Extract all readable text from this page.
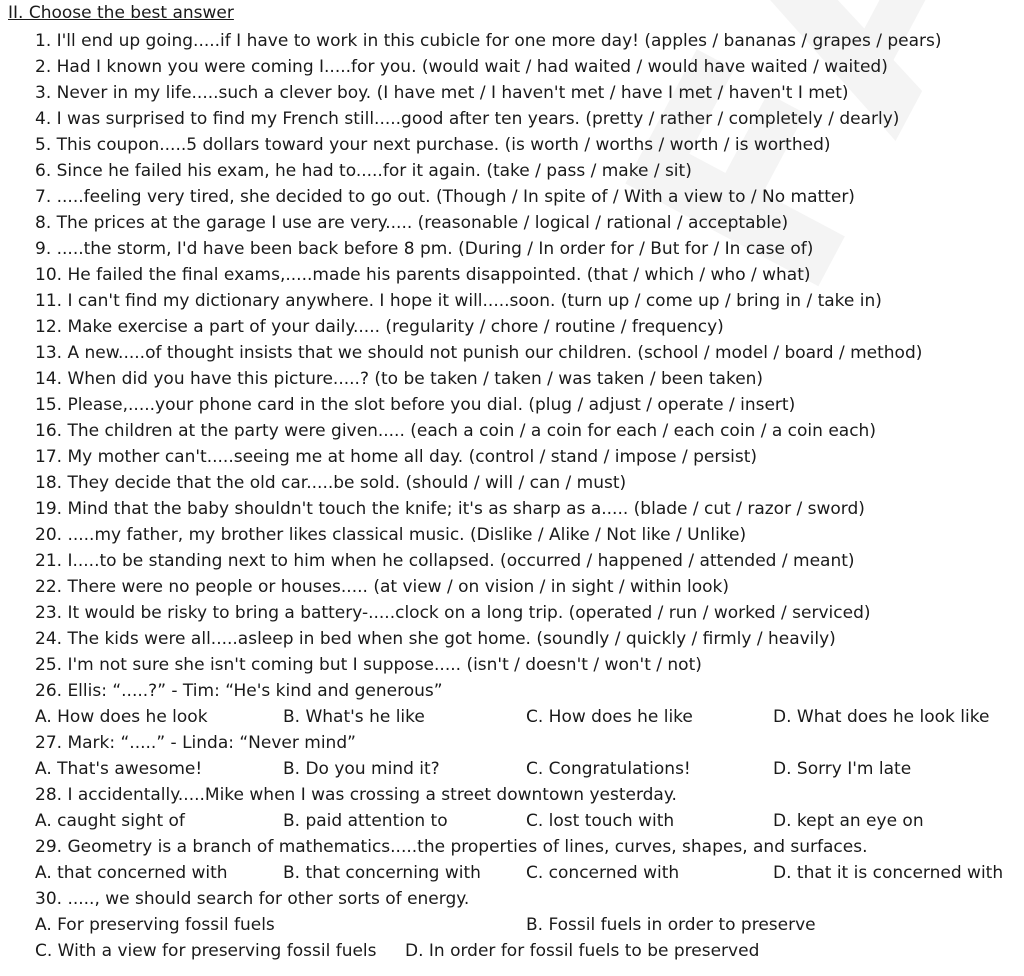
II. Choose the best answer
1. I'll end up going.....if I have to work in this cubicle for one more day! (apples / bananas / grapes / pears)
2. Had I known you were coming I.....for you. (would wait / had waited / would have waited / waited)
3. Never in my life.....such a clever boy. (I have met / I haven't met / have I met / haven't I met)
4. I was surprised to find my French still.....good after ten years. (pretty / rather / completely / dearly)
5. This coupon.....5 dollars toward your next purchase. (is worth / worths / worth / is worthed)
6. Since he failed his exam, he had to.....for it again. (take / pass / make / sit)
7. .....feeling very tired, she decided to go out. (Though / In spite of / With a view to / No matter)
8. The prices at the garage I use are very..... (reasonable / logical / rational / acceptable)
9. .....the storm, I'd have been back before 8 pm. (During / In order for / But for / In case of)
10. He failed the final exams,.....made his parents disappointed. (that / which / who / what)
11. I can't find my dictionary anywhere. I hope it will.....soon. (turn up / come up / bring in / take in)
12. Make exercise a part of your daily..... (regularity / chore / routine / frequency)
13. A new.....of thought insists that we should not punish our children. (school / model / board / method)
14. When did you have this picture.....? (to be taken / taken / was taken / been taken)
15. Please,.....your phone card in the slot before you dial. (plug / adjust / operate / insert)
16. The children at the party were given..... (each a coin / a coin for each / each coin / a coin each)
17. My mother can't.....seeing me at home all day. (control / stand / impose / persist)
18. They decide that the old car.....be sold. (should / will / can / must)
19. Mind that the baby shouldn't touch the knife; it's as sharp as a..... (blade / cut / razor / sword)
20. .....my father, my brother likes classical music. (Dislike / Alike / Not like / Unlike)
21. I.....to be standing next to him when he collapsed. (occurred / happened / attended / meant)
22. There were no people or houses..... (at view / on vision / in sight / within look)
23. It would be risky to bring a battery-.....clock on a long trip. (operated / run / worked / serviced)
24. The kids were all.....asleep in bed when she got home. (soundly / quickly / firmly / heavily)
25. I'm not sure she isn't coming but I suppose..... (isn't / doesn't / won't / not)
26. Ellis: “.....?” - Tim: “He's kind and generous”
A. How does he look	B. What's he like	C. How does he like	D. What does he look like
27. Mark: “.....” - Linda: “Never mind”
A. That's awesome!	B. Do you mind it?	C. Congratulations!	D. Sorry I'm late
28. I accidentally.....Mike when I was crossing a street downtown yesterday.
A. caught sight of	B. paid attention to	C. lost touch with	D. kept an eye on
29. Geometry is a branch of mathematics.....the properties of lines, curves, shapes, and surfaces.
A. that concerned with	B. that concerning with	C. concerned with	D. that it is concerned with
30. ....., we should search for other sorts of energy.
A. For preserving fossil fuels	B. Fossil fuels in order to preserve
C. With a view for preserving fossil fuels D. In order for fossil fuels to be preserved
